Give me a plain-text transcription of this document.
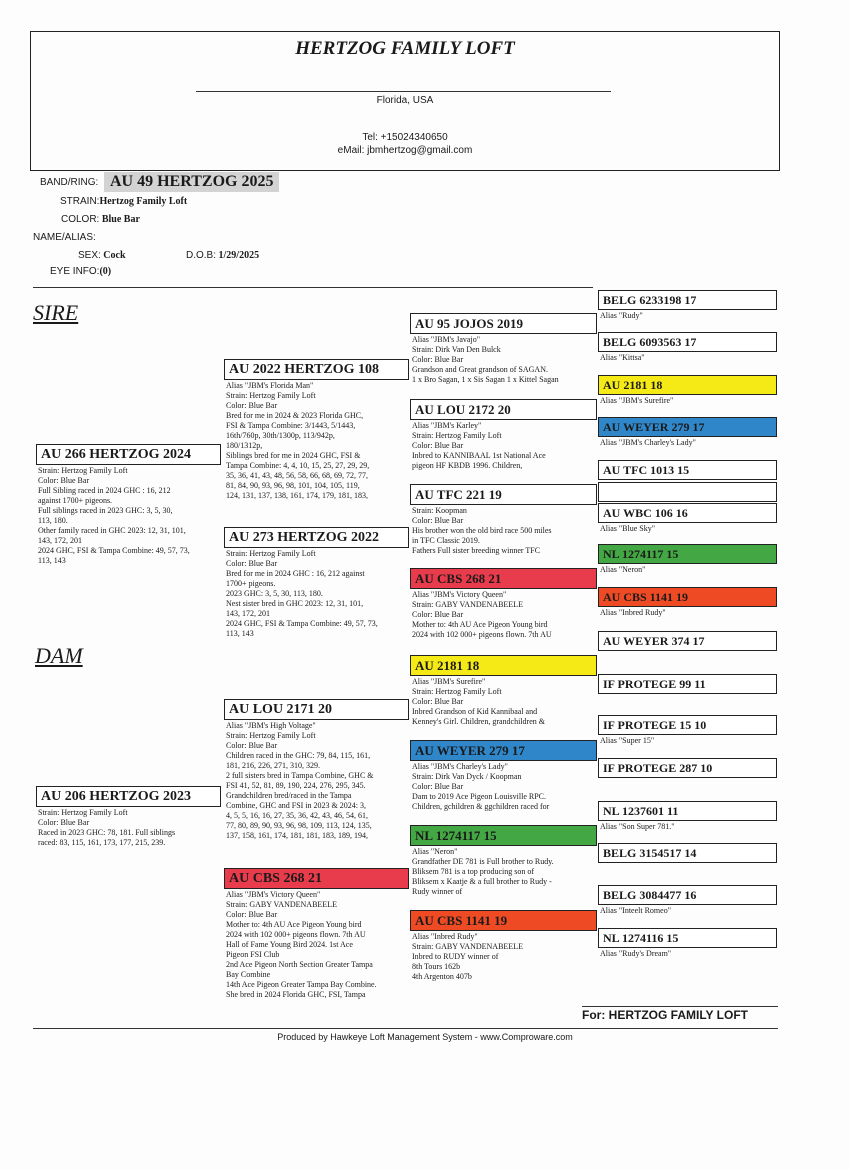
HERTZOG FAMILY LOFT
Florida, USA
Tel: +15024340650
eMail: jbmhertzog@gmail.com
BAND/RING: AU 49 HERTZOG 2025
STRAIN:Hertzog Family Loft
COLOR: Blue Bar
NAME/ALIAS:
SEX: Cock	D.O.B: 1/29/2025
EYE INFO:(0)
SIRE
DAM
AU 266 HERTZOG 2024
Strain: Hertzog Family Loft
Color: Blue Bar
Full Sibling raced in 2024 GHC : 16, 212
against 1700+ pigeons.
Full siblings raced in 2023 GHC: 3, 5, 30,
113, 180.
Other family raced in GHC 2023: 12, 31, 101,
143, 172, 201
2024 GHC, FSI & Tampa Combine: 49, 57, 73,
113, 143
AU 206 HERTZOG 2023
Strain: Hertzog Family Loft
Color: Blue Bar
Raced in 2023 GHC: 78, 181. Full siblings
raced: 83, 115, 161, 173, 177, 215, 239.
AU 2022 HERTZOG 108
Alias "JBM's Florida Man"
Strain: Hertzog Family Loft
Color: Blue Bar
Bred for me in 2024 & 2023 Florida GHC,
FSI & Tampa Combine: 3/1443, 5/1443,
16th/760p, 30th/1300p, 113/942p,
180/1312p,
Siblings bred for me in 2024 GHC, FSI &
Tampa Combine: 4, 4, 10, 15, 25, 27, 29, 29,
35, 36, 41, 43, 48, 56, 58, 66, 68, 69, 72, 77,
81, 84, 90, 93, 96, 98, 101, 104, 105, 119,
124, 131, 137, 138, 161, 174, 179, 181, 183,
AU 273 HERTZOG 2022
Strain: Hertzog Family Loft
Color: Blue Bar
Bred for me in 2024 GHC : 16, 212 against
1700+ pigeons.
2023 GHC: 3, 5, 30, 113, 180.
Nest sister bred in GHC 2023: 12, 31, 101,
143, 172, 201
2024 GHC, FSI & Tampa Combine: 49, 57, 73,
113, 143
AU LOU 2171 20
Alias "JBM's High Voltage"
Strain: Hertzog Family Loft
Color: Blue Bar
Children raced in the GHC: 79, 84, 115, 161,
181, 216, 226, 271, 310, 329.
2 full sisters bred in Tampa Combine, GHC &
FSI 41, 52, 81, 89, 190, 224, 276, 295, 345.
Grandchildren bred/raced in the Tampa
Combine, GHC and FSI in 2023 & 2024: 3,
4, 5, 5, 16, 16, 27, 35, 36, 42, 43, 46, 54, 61,
77, 80, 89, 90, 93, 96, 98, 109, 113, 124, 135,
137, 158, 161, 174, 181, 181, 183, 189, 194,
AU CBS 268 21
Alias "JBM's Victory Queen"
Strain: GABY VANDENABEELE
Color: Blue Bar
Mother to: 4th AU Ace Pigeon Young bird
2024 with 102 000+ pigeons flown. 7th AU
Hall of Fame Young Bird 2024. 1st Ace
Pigeon FSI Club
2nd Ace Pigeon North Section Greater Tampa
Bay Combine
14th Ace Pigeon Greater Tampa Bay Combine.
She bred in 2024 Florida GHC, FSI, Tampa
AU 95 JOJOS 2019
Alias "JBM's Javajo"
Strain: Dirk Van Den Bulck
Color: Blue Bar
Grandson and Great grandson of SAGAN.
1 x Bro Sagan, 1 x Sis Sagan 1 x Kittel Sagan
AU LOU 2172 20
Alias "JBM's Karley"
Strain: Hertzog Family Loft
Color: Blue Bar
Inbred to KANNIBAAL 1st National Ace
pigeon HF KBDB 1996. Children,
AU TFC 221 19
Strain: Koopman
Color: Blue Bar
His brother won the old bird race 500 miles
in TFC Classic 2019.
Fathers Full sister breeding winner TFC
AU CBS 268 21
Alias "JBM's Victory Queen"
Strain: GABY VANDENABEELE
Color: Blue Bar
Mother to: 4th AU Ace Pigeon Young bird
2024 with 102 000+ pigeons flown. 7th AU
AU 2181 18
Alias "JBM's Surefire"
Strain: Hertzog Family Loft
Color: Blue Bar
Inbred Grandson of Kid Kannibaal and
Kenney's Girl. Children, grandchildren &
AU WEYER 279 17
Alias "JBM's Charley's Lady"
Strain: Dirk Van Dyck / Koopman
Color: Blue Bar
Dam to 2019 Ace Pigeon Louisville RPC.
Children, gchildren & ggchildren raced for
NL 1274117 15
Alias "Neron"
Grandfather DE 781 is Full brother to Rudy.
Bliksem 781 is a top producing son of
Bliksem x Kaatje & a full brother to Rudy -
Rudy winner of
AU CBS 1141 19
Alias "Inbred Rudy"
Strain: GABY VANDENABEELE
Inbred to RUDY winner of
8th Tours 162b
4th Argenton 407b
BELG 6233198 17
Alias "Rudy"
BELG 6093563 17
Alias "Kittsa"
AU 2181 18
Alias "JBM's Surefire"
AU WEYER 279 17
Alias "JBM's Charley's Lady"
AU TFC 1013 15
AU WBC 106 16
Alias "Blue Sky"
NL 1274117 15
Alias "Neron"
AU CBS 1141 19
Alias "Inbred Rudy"
AU WEYER 374 17
IF PROTEGE 99 11
IF PROTEGE 15 10
Alias "Super 15"
IF PROTEGE 287 10
NL 1237601 11
Alias "Son Super 781."
BELG 3154517 14
BELG 3084477 16
Alias "Inteelt Romeo"
NL 1274116 15
Alias "Rudy's Dream"
For: HERTZOG FAMILY LOFT
Produced by Hawkeye Loft Management System - www.Comproware.com
